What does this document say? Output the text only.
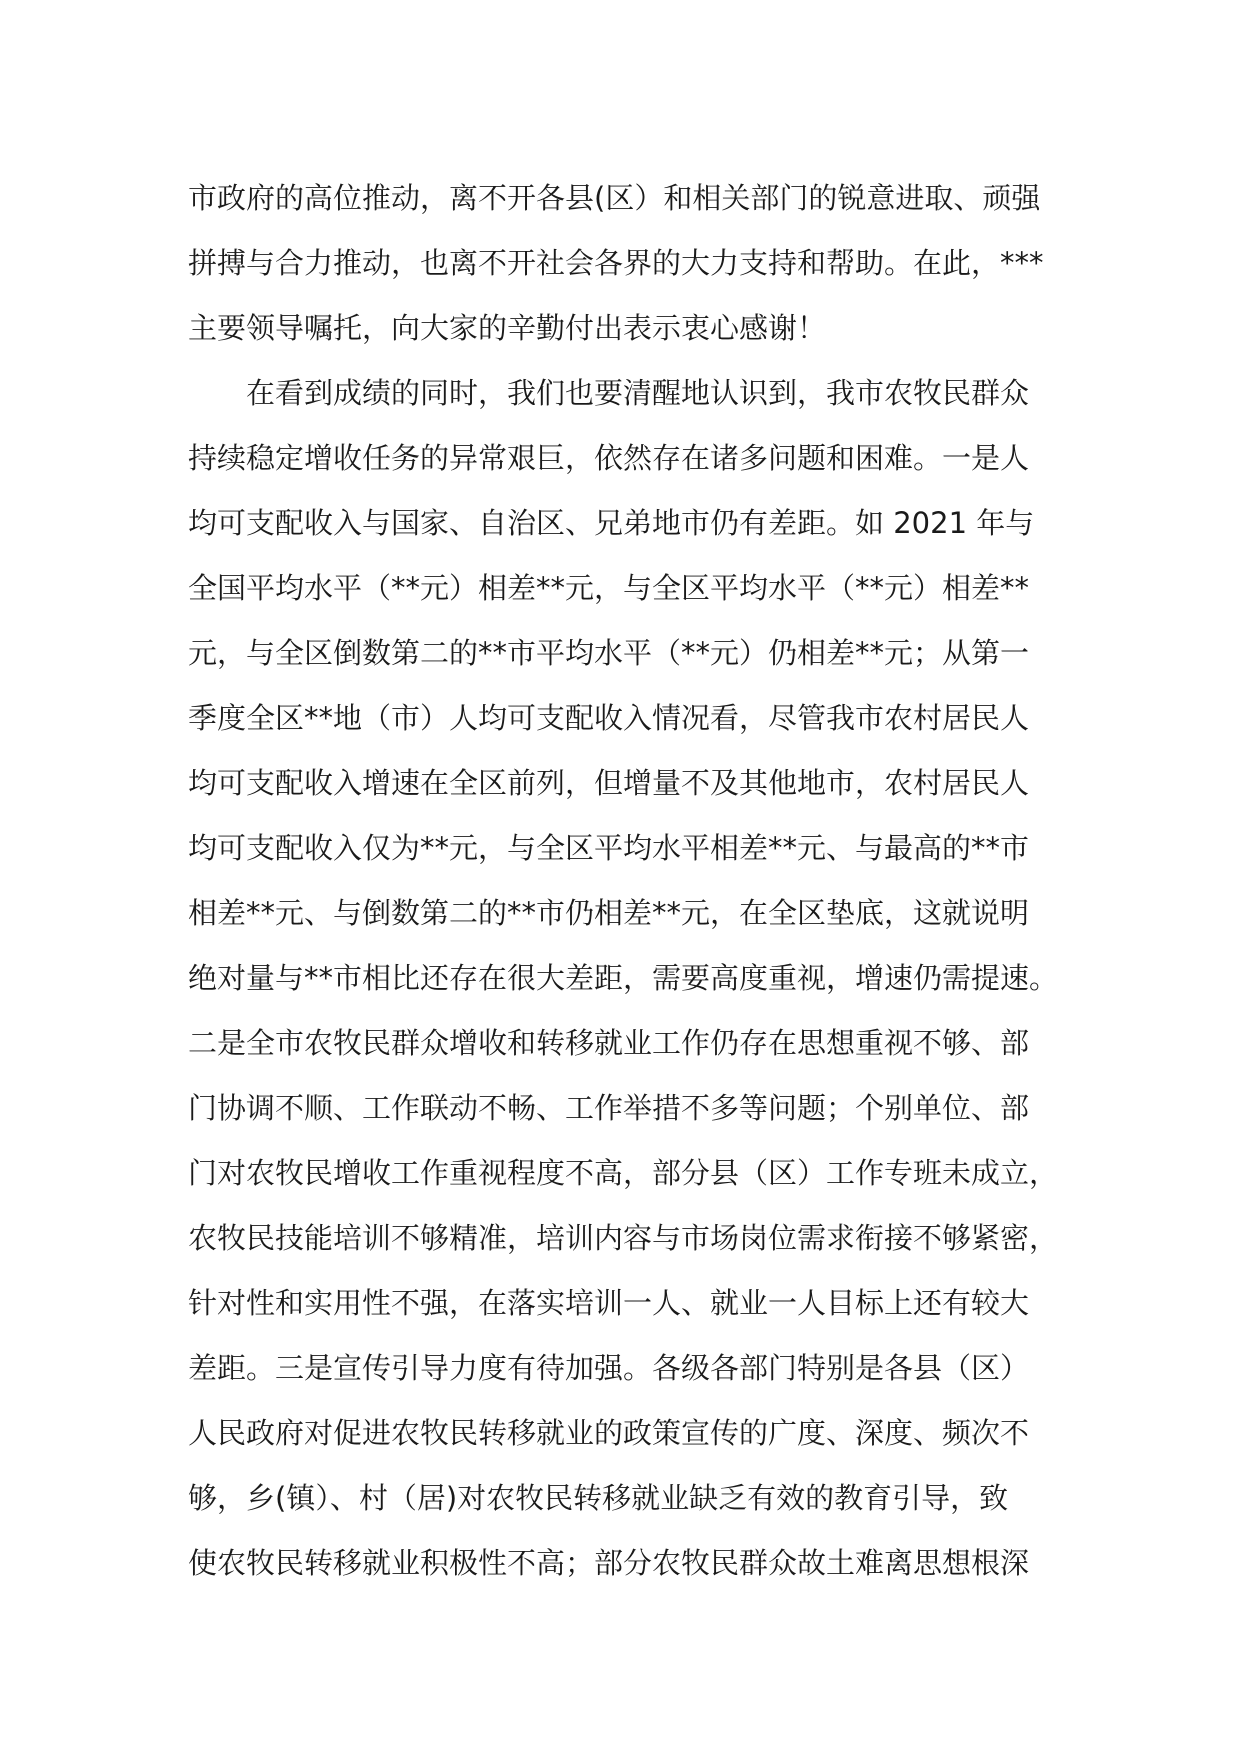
市政府的高位推动，离不开各县(区）和相关部门的锐意进取、顽强
拼搏与合力推动，也离不开社会各界的大力支持和帮助。在此，***
主要领导嘱托，向大家的辛勤付出表示衷心感谢！
在看到成绩的同时，我们也要清醒地认识到，我市农牧民群众
持续稳定增收任务的异常艰巨，依然存在诸多问题和困难。一是人
均可支配收入与国家、自治区、兄弟地市仍有差距。如 2021 年与
全国平均水平（**元）相差**元，与全区平均水平（**元）相差**
元，与全区倒数第二的**市平均水平（**元）仍相差**元；从第一
季度全区**地（市）人均可支配收入情况看，尽管我市农村居民人
均可支配收入增速在全区前列，但增量不及其他地市，农村居民人
均可支配收入仅为**元，与全区平均水平相差**元、与最高的**市
相差**元、与倒数第二的**市仍相差**元，在全区垫底，这就说明
绝对量与**市相比还存在很大差距，需要高度重视，增速仍需提速。
二是全市农牧民群众增收和转移就业工作仍存在思想重视不够、部
门协调不顺、工作联动不畅、工作举措不多等问题；个别单位、部
门对农牧民增收工作重视程度不高，部分县（区）工作专班未成立，
农牧民技能培训不够精准，培训内容与市场岗位需求衔接不够紧密，
针对性和实用性不强，在落实培训一人、就业一人目标上还有较大
差距。三是宣传引导力度有待加强。各级各部门特别是各县（区）
人民政府对促进农牧民转移就业的政策宣传的广度、深度、频次不
够，乡(镇）、村（居)对农牧民转移就业缺乏有效的教育引导，致
使农牧民转移就业积极性不高；部分农牧民群众故土难离思想根深
